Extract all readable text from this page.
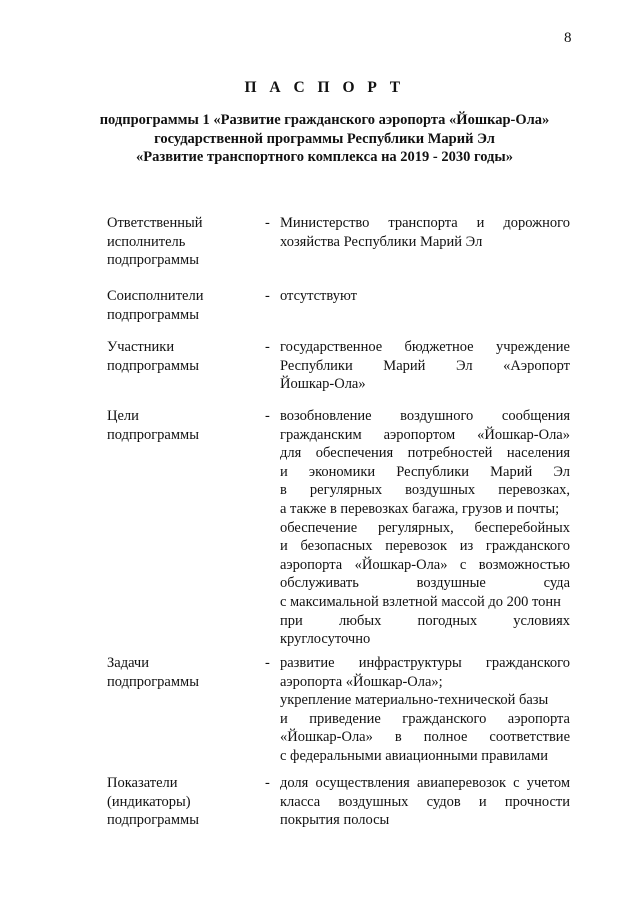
8
П А С П О Р Т
подпрограммы 1 «Развитие гражданского аэропорта «Йошкар-Ола»
государственной программы Республики Марий Эл
«Развитие транспортного комплекса на 2019 - 2030 годы»
Ответственный
исполнитель
подпрограммы
- Министерство транспорта и дорожного
хозяйства Республики Марий Эл
Соисполнители
подпрограммы
- отсутствуют
Участники
подпрограммы
- государственное бюджетное учреждение
Республики Марий Эл «Аэропорт
Йошкар-Ола»
Цели
подпрограммы
- возобновление воздушного сообщения
гражданским аэропортом «Йошкар-Ола»
для обеспечения потребностей населения
и экономики Республики Марий Эл
в регулярных воздушных перевозках,
а также в перевозках багажа, грузов и почты;
обеспечение регулярных, бесперебойных
и безопасных перевозок из гражданского
аэропорта «Йошкар-Ола» с возможностью
обслуживать воздушные суда
с максимальной взлетной массой до 200 тонн
при любых погодных условиях
круглосуточно
Задачи
подпрограммы
- развитие инфраструктуры гражданского
аэропорта «Йошкар-Ола»;
укрепление материально-технической базы
и приведение гражданского аэропорта
«Йошкар-Ола» в полное соответствие
с федеральными авиационными правилами
Показатели
(индикаторы)
подпрограммы
- доля осуществления авиаперевозок с учетом
класса воздушных судов и прочности
покрытия полосы
